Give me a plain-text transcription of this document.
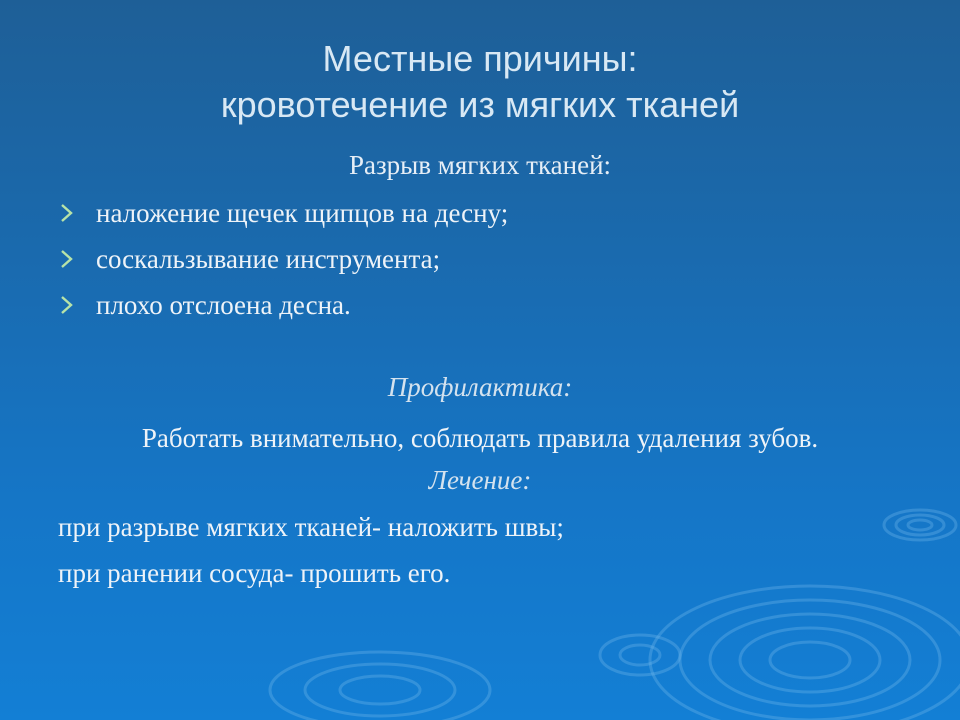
Местные причины:
кровотечение из мягких тканей
Разрыв мягких тканей:
наложение щечек щипцов на десну;
соскальзывание инструмента;
плохо отслоена десна.
Профилактика:
Работать внимательно, соблюдать правила удаления зубов.
Лечение:
при разрыве мягких тканей- наложить швы;
при ранении сосуда- прошить его.
